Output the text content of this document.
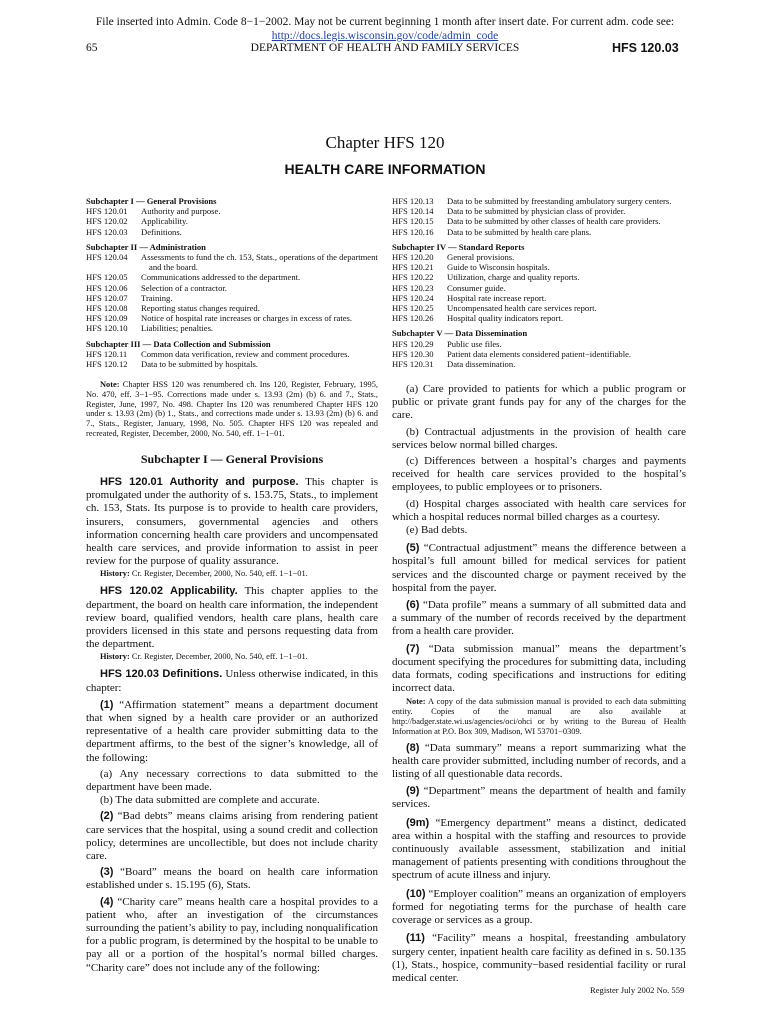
File inserted into Admin. Code 8−1−2002. May not be current beginning 1 month after insert date. For current adm. code see:
http://docs.legis.wisconsin.gov/code/admin_code
65	DEPARTMENT OF HEALTH AND FAMILY SERVICES	HFS 120.03
Chapter HFS 120
HEALTH CARE INFORMATION
Subchapter I — General Provisions
HFS 120.01	Authority and purpose.
HFS 120.02	Applicability.
HFS 120.03	Definitions.
Subchapter II — Administration
HFS 120.04	Assessments to fund the ch. 153, Stats., operations of the department
and the board.
HFS 120.05	Communications addressed to the department.
HFS 120.06	Selection of a contractor.
HFS 120.07	Training.
HFS 120.08	Reporting status changes required.
HFS 120.09	Notice of hospital rate increases or charges in excess of rates.
HFS 120.10	Liabilities; penalties.
Subchapter III — Data Collection and Submission
HFS 120.11	Common data verification, review and comment procedures.
HFS 120.12	Data to be submitted by hospitals.
HFS 120.13	Data to be submitted by freestanding ambulatory surgery centers.
HFS 120.14	Data to be submitted by physician class of provider.
HFS 120.15	Data to be submitted by other classes of health care providers.
HFS 120.16	Data to be submitted by health care plans.
Subchapter IV — Standard Reports
HFS 120.20	General provisions.
HFS 120.21	Guide to Wisconsin hospitals.
HFS 120.22	Utilization, charge and quality reports.
HFS 120.23	Consumer guide.
HFS 120.24	Hospital rate increase report.
HFS 120.25	Uncompensated health care services report.
HFS 120.26	Hospital quality indicators report.
Subchapter V — Data Dissemination
HFS 120.29	Public use files.
HFS 120.30	Patient data elements considered patient−identifiable.
HFS 120.31	Data dissemination.

Note: Chapter HSS 120 was renumbered ch. Ins 120, Register, February, 1995, No. 470, eff. 3−1−95. Corrections made under s. 13.93 (2m) (b) 6. and 7., Stats., Register, June, 1997, No. 498. Chapter Ins 120 was renumbered Chapter HFS 120 under s. 13.93 (2m) (b) 1., Stats., and corrections made under s. 13.93 (2m) (b) 6. and 7., Stats., Register, January, 1998, No. 505. Chapter HFS 120 was repealed and recreated, Register, December, 2000, No. 540, eff. 1−1−01.

Subchapter I — General Provisions

HFS 120.01 Authority and purpose. This chapter is promulgated under the authority of s. 153.75, Stats., to implement ch. 153, Stats. Its purpose is to provide to health care providers, insurers, consumers, governmental agencies and others information concerning health care providers and uncompensated health care services, and provide information to assist in peer review for the purpose of quality assurance.

History: Cr. Register, December, 2000, No. 540, eff. 1−1−01.

HFS 120.02 Applicability. This chapter applies to the department, the board on health care information, the independent review board, qualified vendors, health care plans, health care providers licensed in this state and persons requesting data from the department.

History: Cr. Register, December, 2000, No. 540, eff. 1−1−01.

HFS 120.03 Definitions. Unless otherwise indicated, in this chapter:

(1) “Affirmation statement” means a department document that when signed by a health care provider or an authorized representative of a health care provider submitting data to the department affirms, to the best of the signer’s knowledge, all of the following:

(a) Any necessary corrections to data submitted to the department have been made.

(b) The data submitted are complete and accurate.

(2) “Bad debts” means claims arising from rendering patient care services that the hospital, using a sound credit and collection policy, determines are uncollectible, but does not include charity care.

(3) “Board” means the board on health care information established under s. 15.195 (6), Stats.

(4) “Charity care” means health care a hospital provides to a patient who, after an investigation of the circumstances surrounding the patient’s ability to pay, including nonqualification for a public program, is determined by the hospital to be unable to pay all or a portion of the hospital’s normal billed charges. “Charity care” does not include any of the following:

(a) Care provided to patients for which a public program or public or private grant funds pay for any of the charges for the care.

(b) Contractual adjustments in the provision of health care services below normal billed charges.

(c) Differences between a hospital’s charges and payments received for health care services provided to the hospital’s employees, to public employees or to prisoners.

(d) Hospital charges associated with health care services for which a hospital reduces normal billed charges as a courtesy.

(e) Bad debts.

(5) “Contractual adjustment” means the difference between a hospital’s full amount billed for medical services for patient services and the discounted charge or payment received by the hospital from the payer.

(6) “Data profile” means a summary of all submitted data and a summary of the number of records received by the department from a health care provider.

(7) “Data submission manual” means the department’s document specifying the procedures for submitting data, including data formats, coding specifications and instructions for editing incorrect data.

Note: A copy of the data submission manual is provided to each data submitting entity. Copies of the manual are also available at http://badger.state.wi.us/agencies/oci/ohci or by writing to the Bureau of Health Information at P.O. Box 309, Madison, WI 53701−0309.

(8) “Data summary” means a report summarizing what the health care provider submitted, including number of records, and a listing of all questionable data records.

(9) “Department” means the department of health and family services.

(9m) “Emergency department” means a distinct, dedicated area within a hospital with the staffing and resources to provide continuously available assessment, stabilization and initial management of patients presenting with conditions throughout the spectrum of acute illness and injury.

(10) “Employer coalition” means an organization of employers formed for negotiating terms for the purchase of health care coverage or services as a group.

(11) “Facility” means a hospital, freestanding ambulatory surgery center, inpatient health care facility as defined in s. 50.135 (1), Stats., hospice, community−based residential facility or rural medical center.

Register July 2002 No. 559
